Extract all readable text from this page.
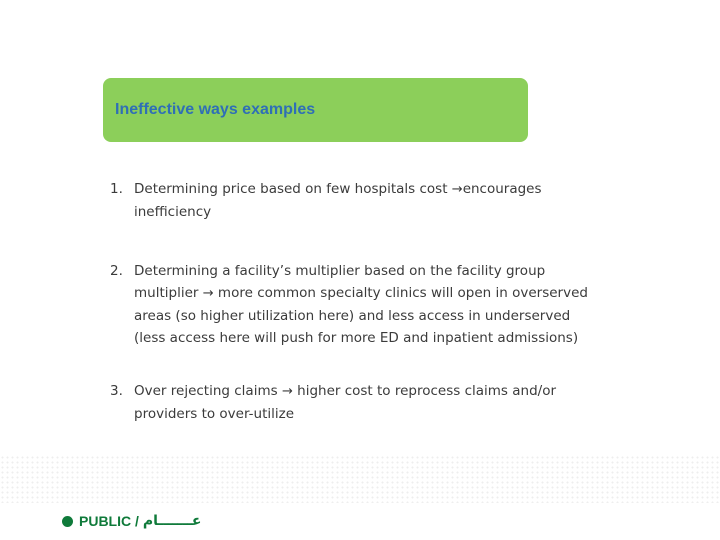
Ineffective ways examples
1. Determining price based on few hospitals cost →encourages
inefficiency
2. Determining a facility’s multiplier based on the facility group
multiplier → more common specialty clinics will open in overserved
areas (so higher utilization here) and less access in underserved
(less access here will push for more ED and inpatient admissions)
3. Over rejecting claims → higher cost to reprocess claims and/or
providers to over-utilize
PUBLIC / عـــــــام
